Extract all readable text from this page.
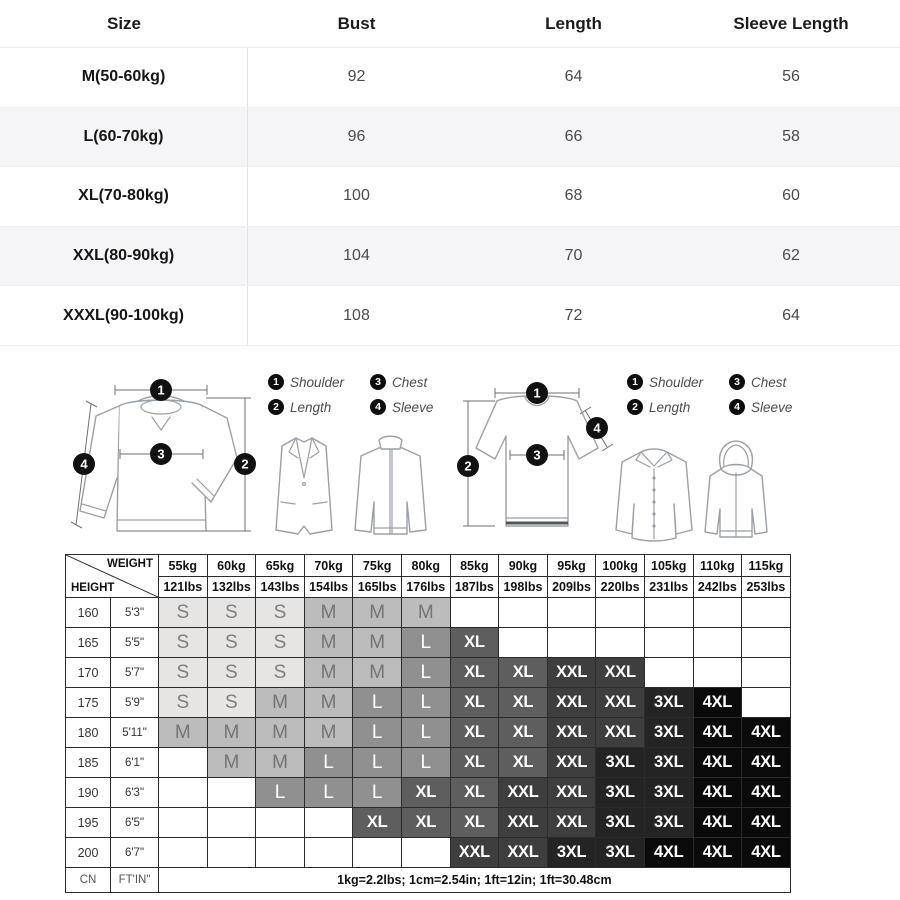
Size	Bust	Length	Sleeve Length
M(50-60kg)	92	64	56
L(60-70kg)	96	66	58
XL(70-80kg)	100	68	60
XXL(80-90kg)	104	70	62
XXXL(90-100kg)	108	72	64
1
3
2
4
1 Shoulder	3 Chest
2 Length	4 Sleeve
1
3
2
4
1 Shoulder	3 Chest
2 Length	4 Sleeve
WEIGHT
HEIGHT		55kg	60kg	65kg	70kg	75kg	80kg	85kg	90kg	95kg	100kg	105kg	110kg	115kg
		121lbs	132lbs	143lbs	154lbs	165lbs	176lbs	187lbs	198lbs	209lbs	220lbs	231lbs	242lbs	253lbs
160	5'3"	S	S	S	M	M	M							
165	5'5"	S	S	S	M	M	L	XL						
170	5'7"	S	S	S	M	M	L	XL	XL	XXL	XXL			
175	5'9"	S	S	M	M	L	L	XL	XL	XXL	XXL	3XL	4XL	
180	5'11"	M	M	M	M	L	L	XL	XL	XXL	XXL	3XL	4XL	4XL
185	6'1"		M	M	L	L	L	XL	XL	XXL	3XL	3XL	4XL	4XL
190	6'3"			L	L	L	XL	XL	XXL	XXL	3XL	3XL	4XL	4XL
195	6'5"					XL	XL	XL	XXL	XXL	3XL	3XL	4XL	4XL
200	6'7"							XXL	XXL	3XL	3XL	4XL	4XL	4XL
CN	FT'IN"	1kg=2.2lbs; 1cm=2.54in; 1ft=12in; 1ft=30.48cm												
